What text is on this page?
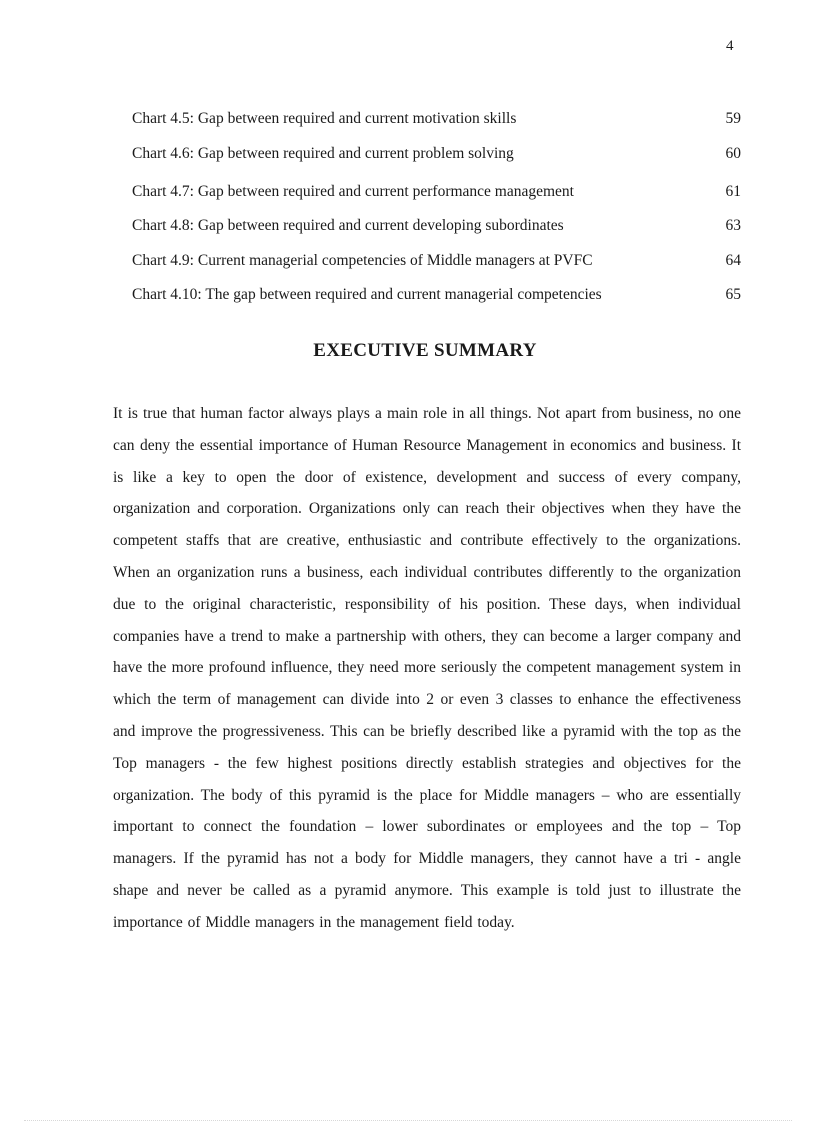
4
Chart 4.5: Gap between required and current motivation skills	59
Chart 4.6: Gap between required and current problem solving	60
Chart 4.7: Gap between required and current performance management	61
Chart 4.8: Gap between required and current developing subordinates	63
Chart 4.9: Current managerial competencies of Middle managers at PVFC	64
Chart 4.10: The gap between required and current managerial competencies	65
EXECUTIVE SUMMARY

It is true that human factor always plays a main role in all things. Not apart from business, no one can deny the essential importance of Human Resource Management in economics and business. It is like a key to open the door of existence, development and success of every company, organization and corporation. Organizations only can reach their objectives when they have the competent staffs that are creative, enthusiastic and contribute effectively to the organizations. When an organization runs a business, each individual contributes differently to the organization due to the original characteristic, responsibility of his position. These days, when individual companies have a trend to make a partnership with others, they can become a larger company and have the more profound influence, they need more seriously the competent management system in which the term of management can divide into 2 or even 3 classes to enhance the effectiveness and improve the progressiveness. This can be briefly described like a pyramid with the top as the Top managers - the few highest positions directly establish strategies and objectives for the organization. The body of this pyramid is the place for Middle managers – who are essentially important to connect the foundation – lower subordinates or employees and the top – Top managers. If the pyramid has not a body for Middle managers, they cannot have a tri - angle shape and never be called as a pyramid anymore. This example is told just to illustrate the importance of Middle managers in the management field today.
